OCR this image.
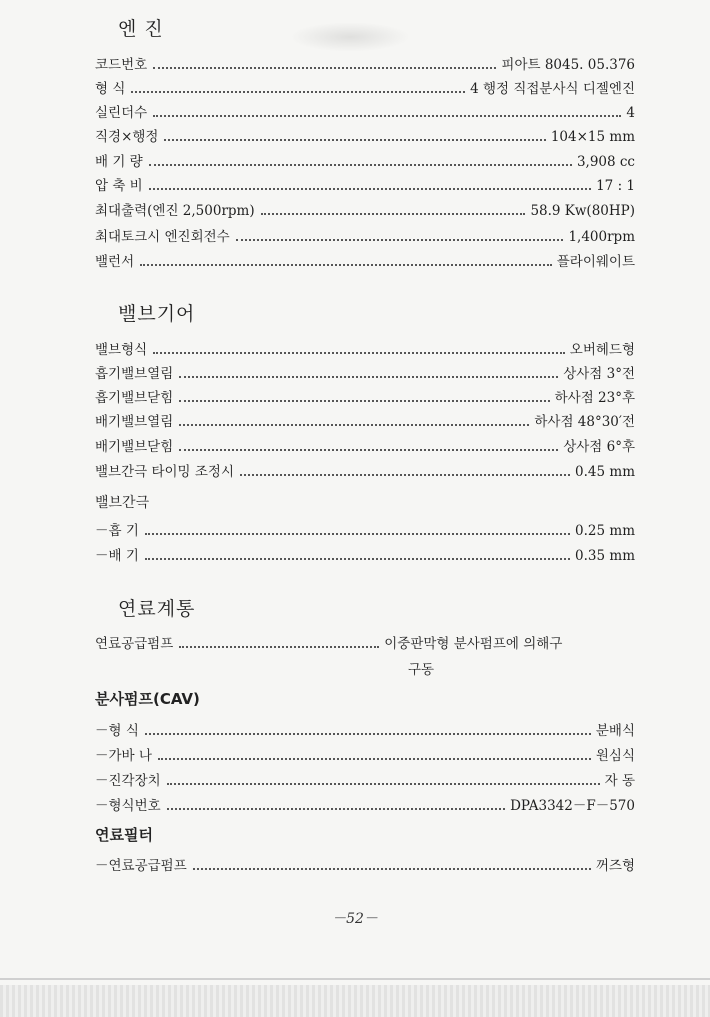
엔 진
코드번호	피아트 8045. 05.376
형 식	4 행정 직접분사식 디젤엔진
실린더수	4
직경×행정	104×15 mm
배 기 량	3,908 cc
압 축 비	17 : 1
최대출력(엔진 2,500rpm)	58.9 Kw(80HP)
최대토크시 엔진회전수	1,400rpm
밸런서	플라이웨이트
밸브기어
밸브형식	오버헤드형
흡기밸브열림	상사점 3°전
흡기밸브닫힘	하사점 23°후
배기밸브열림	하사점 48°30′전
배기밸브닫힘	상사점 6°후
밸브간극 타이밍 조정시	0.45 mm
밸브간극
－흡 기	0.25 mm
－배 기	0.35 mm
연료계통
연료공급펌프	이중판막형 분사펌프에 의해구
구동
분사펌프(CAV)
－형 식	분배식
－가바 나	원심식
－진각장치	자 동
－형식번호	DPA3342－F－570
연료필터
－연료공급펌프	꺼즈형
－52－
